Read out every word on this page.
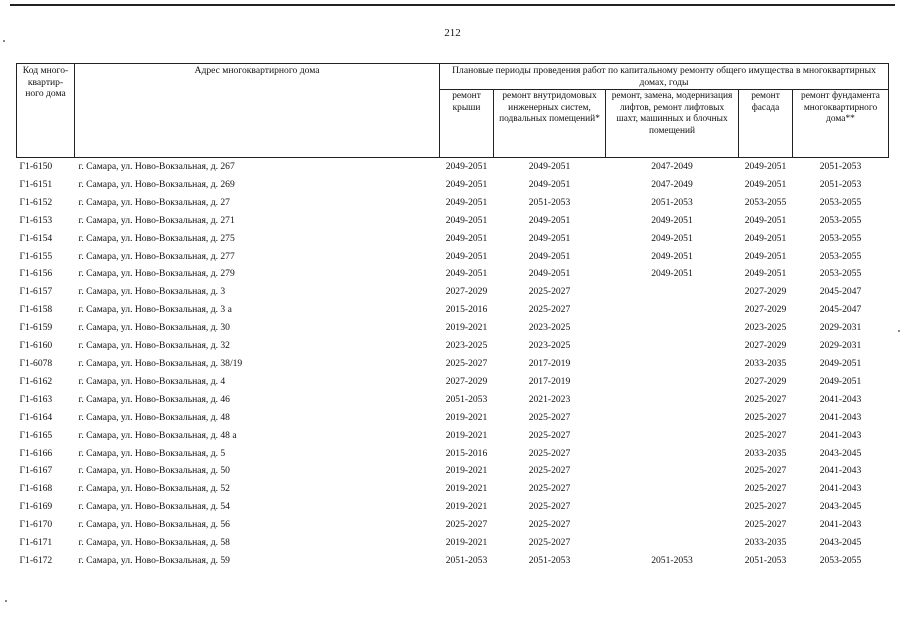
212
Код много-квартир-ного дома	Адрес многоквартирного дома	Плановые периоды проведения работ по капитальному ремонту общего имущества в многоквартирных домах, годы				
		ремонт крыши	ремонт внутридомовых инженерных систем, подвальных помещений*	ремонт, замена, модернизация лифтов, ремонт лифтовых шахт, машинных и блочных помещений	ремонт фасада	ремонт фундамента многоквартирного дома**
Г1-6150	г. Самара, ул. Ново-Вокзальная, д. 267	2049-2051	2049-2051	2047-2049	2049-2051	2051-2053
Г1-6151	г. Самара, ул. Ново-Вокзальная, д. 269	2049-2051	2049-2051	2047-2049	2049-2051	2051-2053
Г1-6152	г. Самара, ул. Ново-Вокзальная, д. 27	2049-2051	2051-2053	2051-2053	2053-2055	2053-2055
Г1-6153	г. Самара, ул. Ново-Вокзальная, д. 271	2049-2051	2049-2051	2049-2051	2049-2051	2053-2055
Г1-6154	г. Самара, ул. Ново-Вокзальная, д. 275	2049-2051	2049-2051	2049-2051	2049-2051	2053-2055
Г1-6155	г. Самара, ул. Ново-Вокзальная, д. 277	2049-2051	2049-2051	2049-2051	2049-2051	2053-2055
Г1-6156	г. Самара, ул. Ново-Вокзальная, д. 279	2049-2051	2049-2051	2049-2051	2049-2051	2053-2055
Г1-6157	г. Самара, ул. Ново-Вокзальная, д. 3	2027-2029	2025-2027		2027-2029	2045-2047
Г1-6158	г. Самара, ул. Ново-Вокзальная, д. 3 а	2015-2016	2025-2027		2027-2029	2045-2047
Г1-6159	г. Самара, ул. Ново-Вокзальная, д. 30	2019-2021	2023-2025		2023-2025	2029-2031
Г1-6160	г. Самара, ул. Ново-Вокзальная, д. 32	2023-2025	2023-2025		2027-2029	2029-2031
Г1-6078	г. Самара, ул. Ново-Вокзальная, д. 38/19	2025-2027	2017-2019		2033-2035	2049-2051
Г1-6162	г. Самара, ул. Ново-Вокзальная, д. 4	2027-2029	2017-2019		2027-2029	2049-2051
Г1-6163	г. Самара, ул. Ново-Вокзальная, д. 46	2051-2053	2021-2023		2025-2027	2041-2043
Г1-6164	г. Самара, ул. Ново-Вокзальная, д. 48	2019-2021	2025-2027		2025-2027	2041-2043
Г1-6165	г. Самара, ул. Ново-Вокзальная, д. 48 а	2019-2021	2025-2027		2025-2027	2041-2043
Г1-6166	г. Самара, ул. Ново-Вокзальная, д. 5	2015-2016	2025-2027		2033-2035	2043-2045
Г1-6167	г. Самара, ул. Ново-Вокзальная, д. 50	2019-2021	2025-2027		2025-2027	2041-2043
Г1-6168	г. Самара, ул. Ново-Вокзальная, д. 52	2019-2021	2025-2027		2025-2027	2041-2043
Г1-6169	г. Самара, ул. Ново-Вокзальная, д. 54	2019-2021	2025-2027		2025-2027	2043-2045
Г1-6170	г. Самара, ул. Ново-Вокзальная, д. 56	2025-2027	2025-2027		2025-2027	2041-2043
Г1-6171	г. Самара, ул. Ново-Вокзальная, д. 58	2019-2021	2025-2027		2033-2035	2043-2045
Г1-6172	г. Самара, ул. Ново-Вокзальная, д. 59	2051-2053	2051-2053	2051-2053	2051-2053	2053-2055
